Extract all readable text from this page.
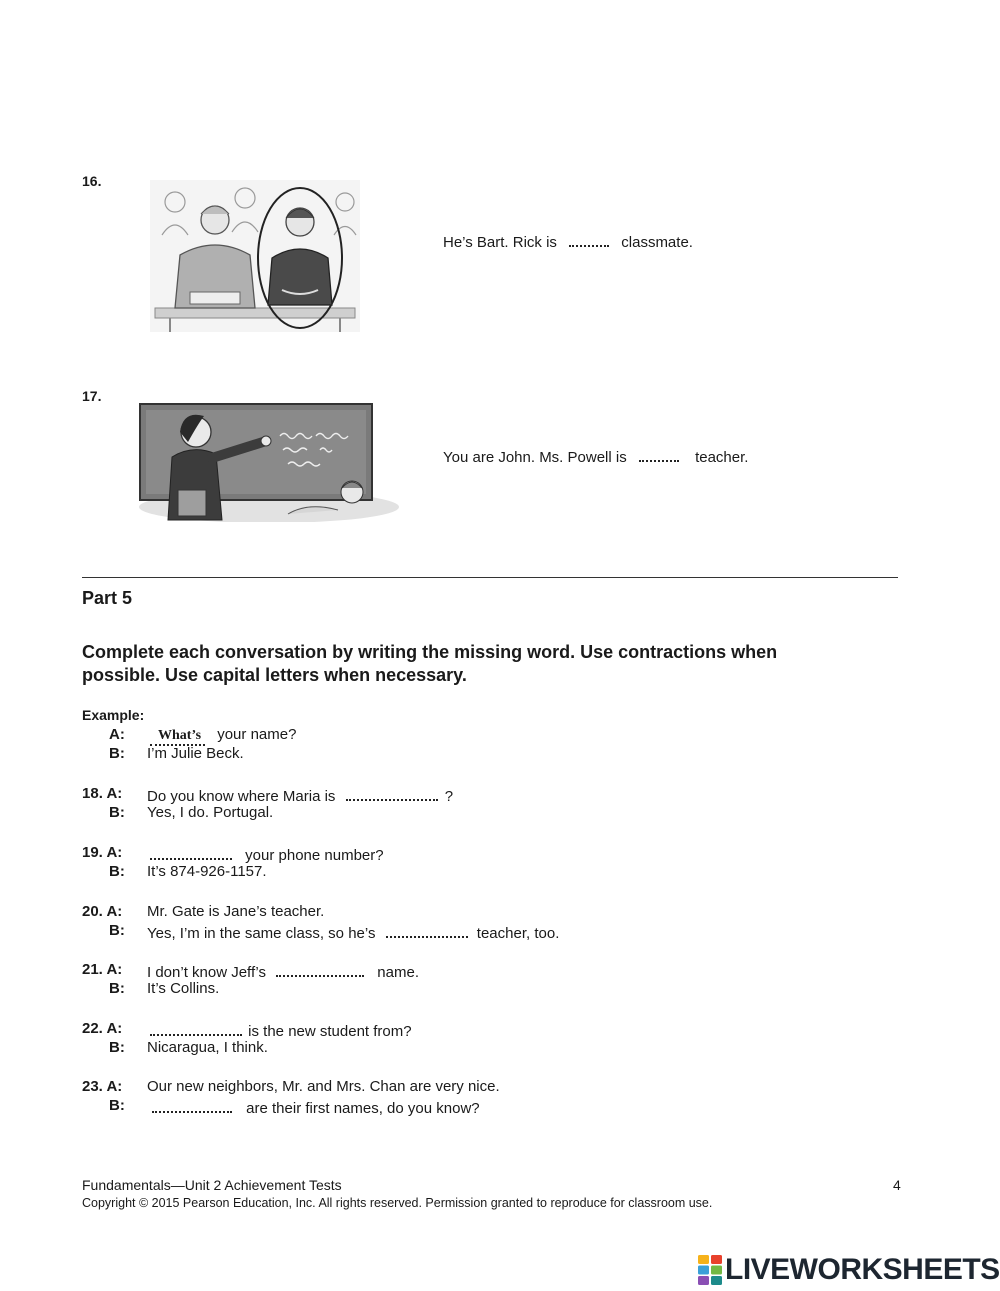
16.
He’s Bart. Rick is	classmate.
17.
You are John. Ms. Powell is	teacher.
Part 5
Complete each conversation by writing the missing word. Use contractions when
possible. Use capital letters when necessary.
Example:
A:	What’s your name?
B: I’m Julie Beck.
18. A: Do you know where Maria is	?
B: Yes, I do. Portugal.
19. A:	your phone number?
B: It’s 874-926-1157.
20. A: Mr. Gate is Jane’s teacher.
B: Yes, I’m in the same class, so he’s	teacher, too.
21. A: I don’t know Jeff’s	name.
B: It’s Collins.
22. A:	is the new student from?
B: Nicaragua, I think.
23. A: Our new neighbors, Mr. and Mrs. Chan are very nice.
B:	are their first names, do you know?
Fundamentals—Unit 2 Achievement Tests	4
Copyright © 2015 Pearson Education, Inc. All rights reserved. Permission granted to reproduce for classroom use.
LIVEWORKSHEETS
